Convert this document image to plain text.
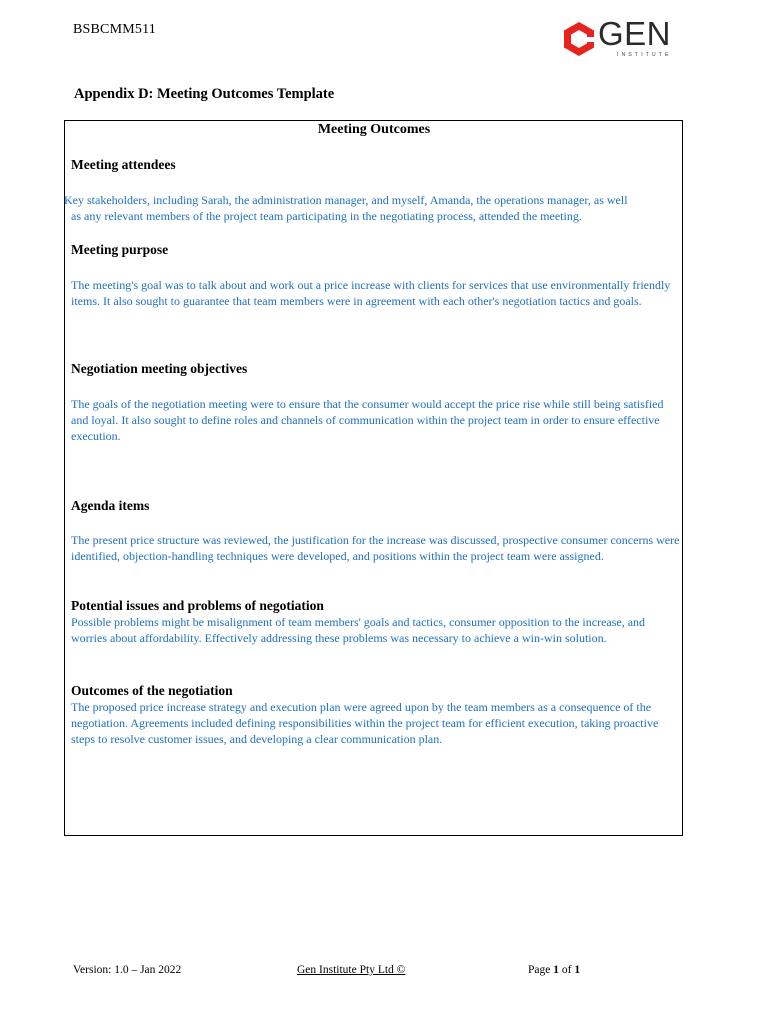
BSBCMM511	GEN
INSTITUTE
Appendix D: Meeting Outcomes Template
Meeting Outcomes
Meeting attendees
Key stakeholders, including Sarah, the administration manager, and myself, Amanda, the operations manager, as well
as any relevant members of the project team participating in the negotiating process, attended the meeting.
Meeting purpose
The meeting's goal was to talk about and work out a price increase with clients for services that use environmentally friendly items. It also sought to guarantee that team members were in agreement with each other's negotiation tactics and goals.
Negotiation meeting objectives
The goals of the negotiation meeting were to ensure that the consumer would accept the price rise while still being satisfied and loyal. It also sought to define roles and channels of communication within the project team in order to ensure effective execution.
Agenda items
The present price structure was reviewed, the justification for the increase was discussed, prospective consumer concerns were identified, objection-handling techniques were developed, and positions within the project team were assigned.
Potential issues and problems of negotiation
Possible problems might be misalignment of team members' goals and tactics, consumer opposition to the increase, and worries about affordability. Effectively addressing these problems was necessary to achieve a win-win solution.
Outcomes of the negotiation
The proposed price increase strategy and execution plan were agreed upon by the team members as a consequence of the negotiation. Agreements included defining responsibilities within the project team for efficient execution, taking proactive steps to resolve customer issues, and developing a clear communication plan.
Version: 1.0 – Jan 2022	Gen Institute Pty Ltd ©	Page 1 of 1
